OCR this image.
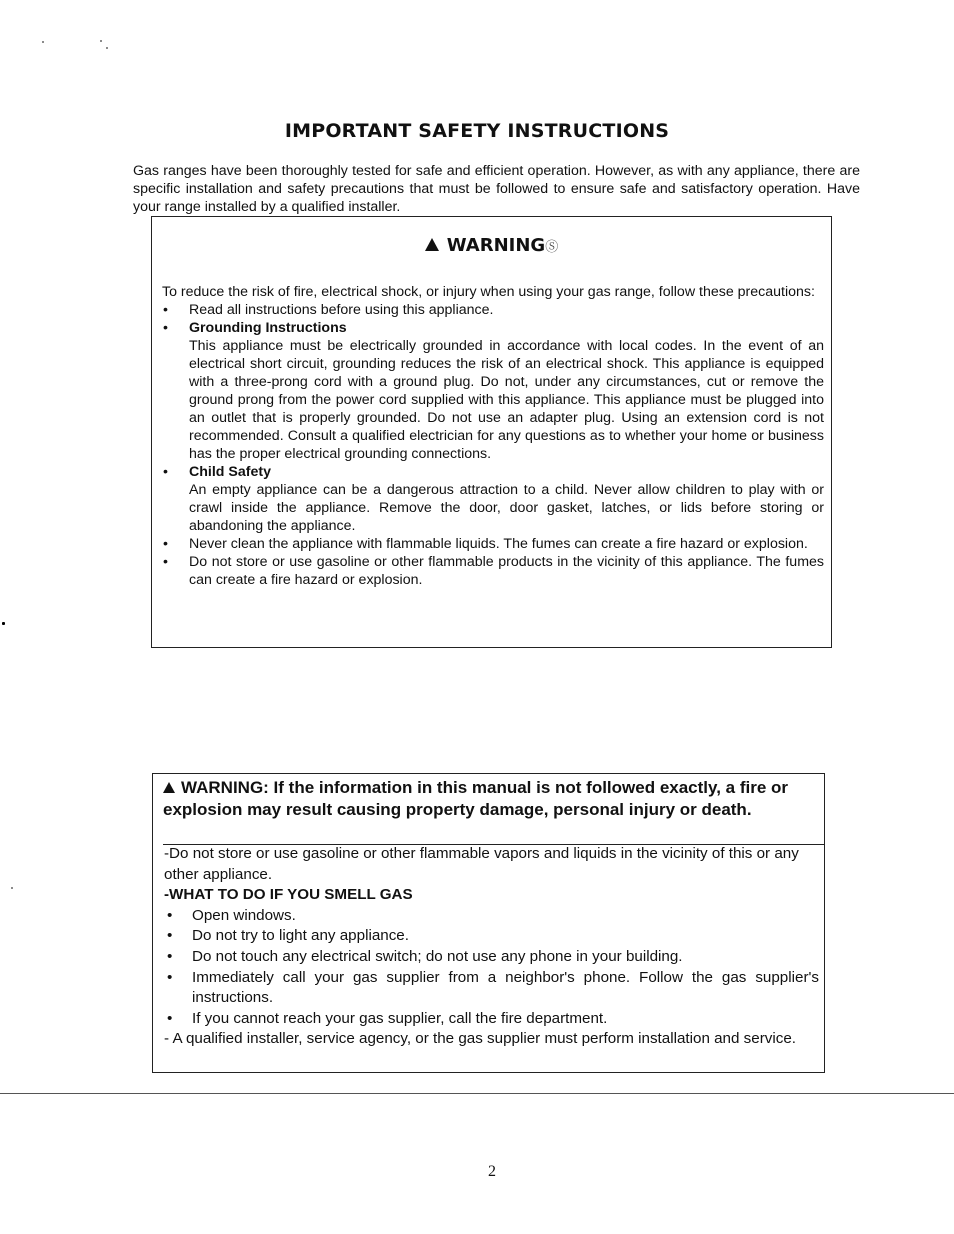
IMPORTANT SAFETY INSTRUCTIONS
Gas ranges have been thoroughly tested for safe and efficient operation. However, as with any appliance, there are specific installation and safety precautions that must be followed to ensure safe and satisfactory operation. Have your range installed by a qualified installer.
WARNINGⓈ

To reduce the risk of fire, electrical shock, or injury when using your gas range, follow these precautions:

• Read all instructions before using this appliance.
• Grounding Instructions
This appliance must be electrically grounded in accordance with local codes. In the event of an electrical short circuit, grounding reduces the risk of an electrical shock. This appliance is equipped with a three-prong cord with a ground plug. Do not, under any circumstances, cut or remove the ground prong from the power cord supplied with this appliance. This appliance must be plugged into an outlet that is properly grounded. Do not use an adapter plug. Using an extension cord is not recommended. Consult a qualified electrician for any questions as to whether your home or business has the proper electrical grounding connections.
• Child Safety
An empty appliance can be a dangerous attraction to a child. Never allow children to play with or crawl inside the appliance. Remove the door, door gasket, latches, or lids before storing or abandoning the appliance.
• Never clean the appliance with flammable liquids. The fumes can create a fire hazard or explosion.
• Do not store or use gasoline or other flammable products in the vicinity of this appliance. The fumes can create a fire hazard or explosion.
WARNING: If the information in this manual is not followed exactly, a fire or explosion may result causing property damage, personal injury or death.

-Do not store or use gasoline or other flammable vapors and liquids in the vicinity of this or any other appliance.

-WHAT TO DO IF YOU SMELL GAS

• Open windows.
• Do not try to light any appliance.
• Do not touch any electrical switch; do not use any phone in your building.
• Immediately call your gas supplier from a neighbor's phone. Follow the gas supplier's instructions.
• If you cannot reach your gas supplier, call the fire department.

- A qualified installer, service agency, or the gas supplier must perform installation and service.

2
